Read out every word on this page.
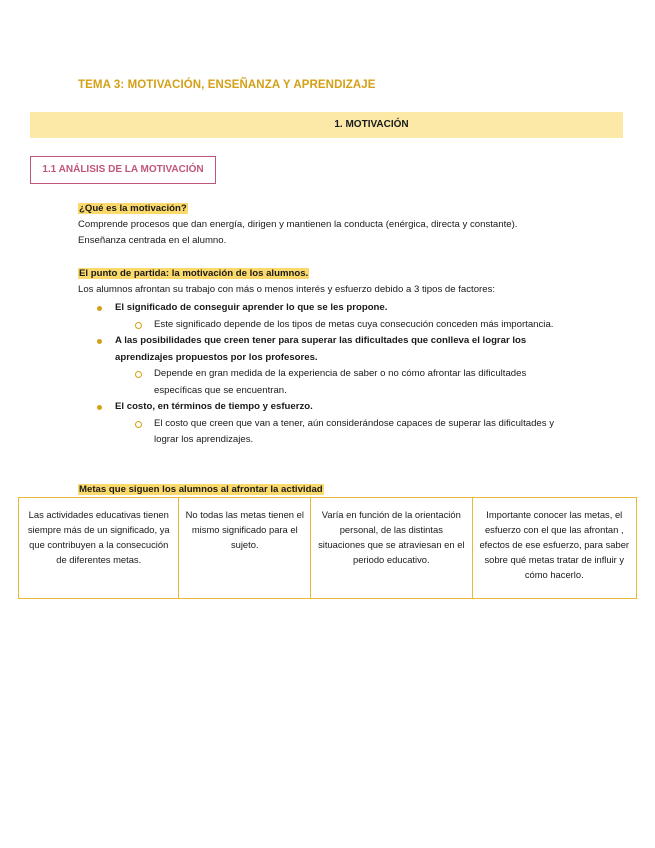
TEMA 3: MOTIVACIÓN, ENSEÑANZA Y APRENDIZAJE
1. MOTIVACIÓN
1.1 ANÁLISIS DE LA MOTIVACIÓN
¿Qué es la motivación?
Comprende procesos que dan energía, dirigen y mantienen la conducta (enérgica, directa y constante).
Enseñanza centrada en el alumno.
El punto de partida: la motivación de los alumnos.
Los alumnos afrontan su trabajo con más o menos interés y esfuerzo debido a 3 tipos de factores:
El significado de conseguir aprender lo que se les propone.
Este significado depende de los tipos de metas cuya consecución conceden más importancia.
A las posibilidades que creen tener para superar las dificultades que conlleva el lograr los aprendizajes propuestos por los profesores.
Depende en gran medida de la experiencia de saber o no cómo afrontar las dificultades específicas que se encuentran.
El costo, en términos de tiempo y esfuerzo.
El costo que creen que van a tener, aún considerándose capaces de superar las dificultades y lograr los aprendizajes.
Metas que siguen los alumnos al afrontar la actividad
Las actividades educativas tienen siempre más de un significado, ya que contribuyen a la consecución de diferentes metas.
No todas las metas tienen el mismo significado para el sujeto.
Varía en función de la orientación personal, de las distintas situaciones que se atraviesan en el periodo educativo.
Importante conocer las metas, el esfuerzo con el que las afrontan , efectos de ese esfuerzo, para saber sobre qué metas tratar de influir y cómo hacerlo.
